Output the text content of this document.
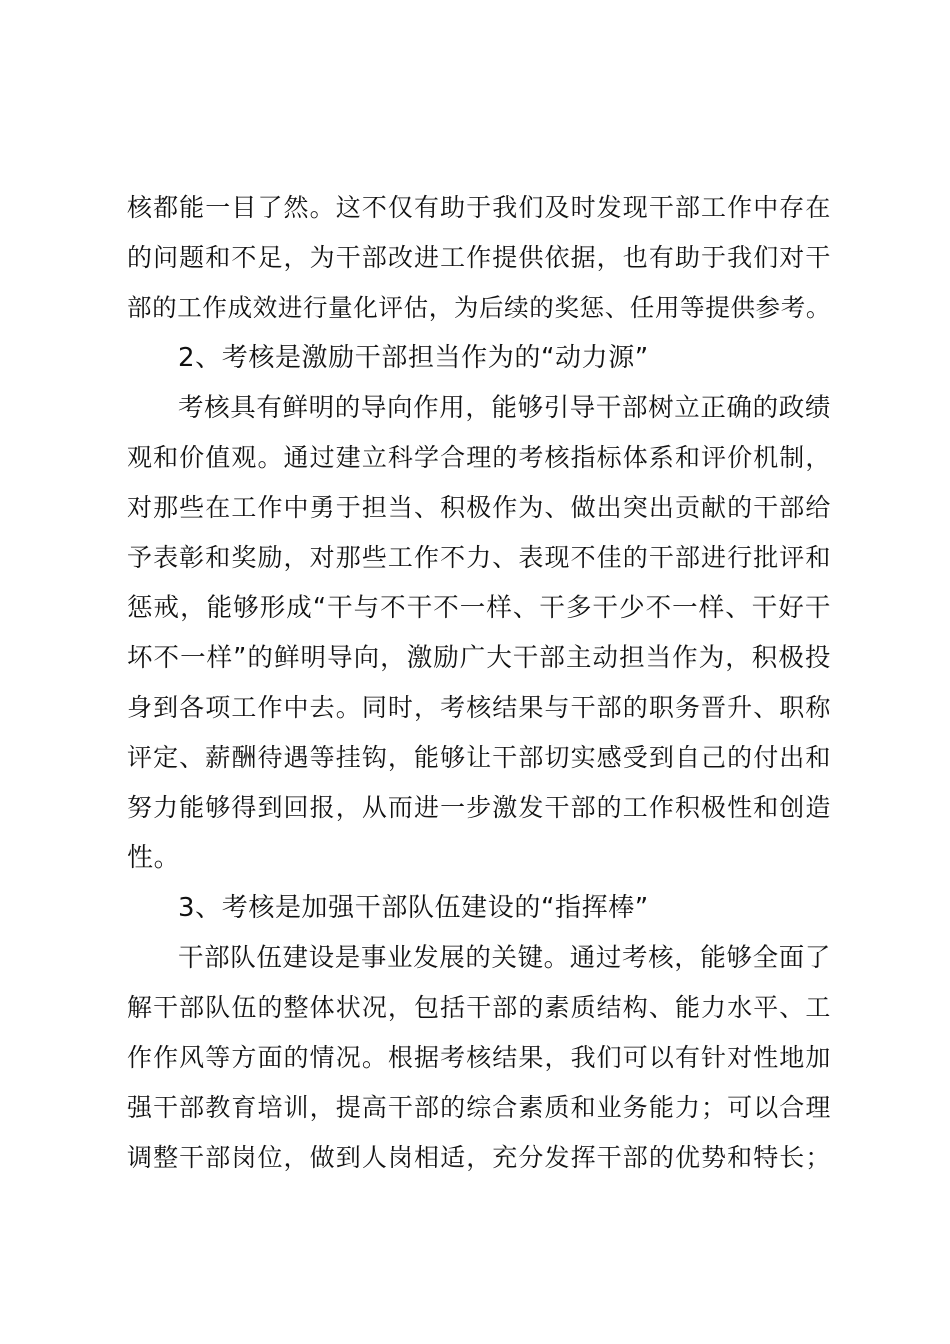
核都能一目了然。这不仅有助于我们及时发现干部工作中存在
的问题和不足，为干部改进工作提供依据，也有助于我们对干
部的工作成效进行量化评估，为后续的奖惩、任用等提供参考。
2、考核是激励干部担当作为的“动力源”
考核具有鲜明的导向作用，能够引导干部树立正确的政绩
观和价值观。通过建立科学合理的考核指标体系和评价机制，
对那些在工作中勇于担当、积极作为、做出突出贡献的干部给
予表彰和奖励，对那些工作不力、表现不佳的干部进行批评和
惩戒，能够形成“干与不干不一样、干多干少不一样、干好干
坏不一样”的鲜明导向，激励广大干部主动担当作为，积极投
身到各项工作中去。同时，考核结果与干部的职务晋升、职称
评定、薪酬待遇等挂钩，能够让干部切实感受到自己的付出和
努力能够得到回报，从而进一步激发干部的工作积极性和创造
性。
3、考核是加强干部队伍建设的“指挥棒”
干部队伍建设是事业发展的关键。通过考核，能够全面了
解干部队伍的整体状况，包括干部的素质结构、能力水平、工
作作风等方面的情况。根据考核结果，我们可以有针对性地加
强干部教育培训，提高干部的综合素质和业务能力；可以合理
调整干部岗位，做到人岗相适，充分发挥干部的优势和特长；
